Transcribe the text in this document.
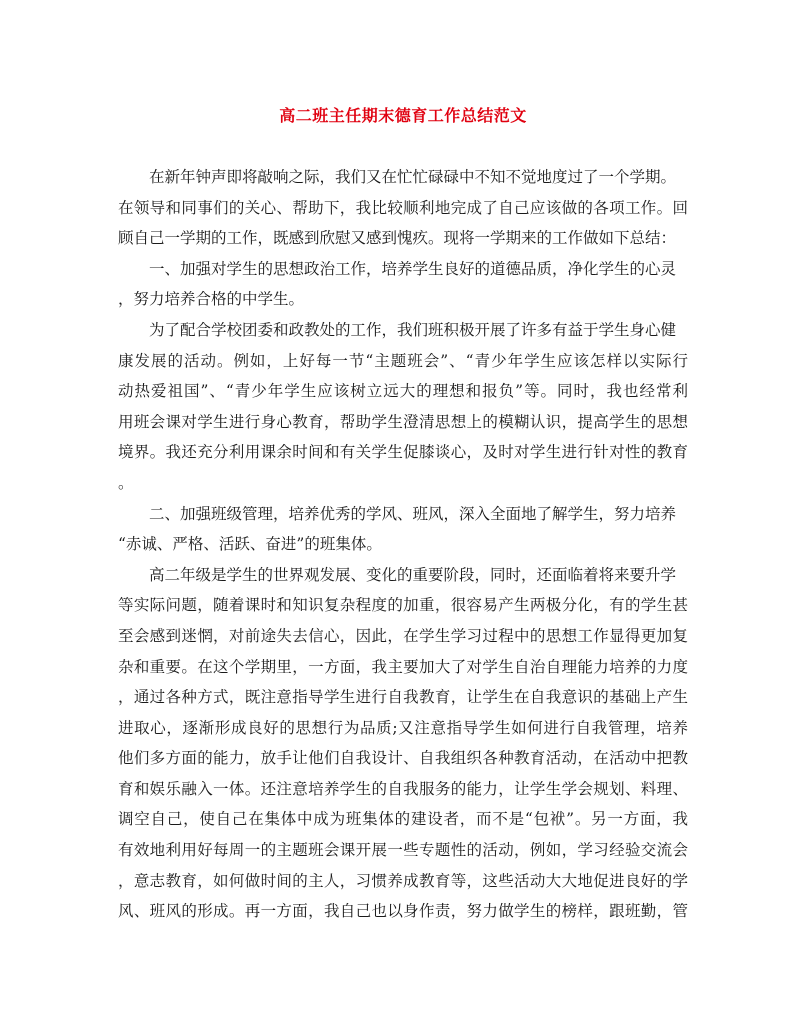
高二班主任期末德育工作总结范文
在新年钟声即将敲响之际，我们又在忙忙碌碌中不知不觉地度过了一个学期。
在领导和同事们的关心、帮助下，我比较顺利地完成了自己应该做的各项工作。回
顾自己一学期的工作，既感到欣慰又感到愧疚。现将一学期来的工作做如下总结：
一、加强对学生的思想政治工作，培养学生良好的道德品质，净化学生的心灵
，努力培养合格的中学生。
为了配合学校团委和政教处的工作，我们班积极开展了许多有益于学生身心健
康发展的活动。例如，上好每一节“主题班会”、“青少年学生应该怎样以实际行
动热爱祖国”、“青少年学生应该树立远大的理想和报负”等。同时，我也经常利
用班会课对学生进行身心教育，帮助学生澄清思想上的模糊认识，提高学生的思想
境界。我还充分利用课余时间和有关学生促膝谈心，及时对学生进行针对性的教育
。
二、加强班级管理，培养优秀的学风、班风，深入全面地了解学生，努力培养
“赤诚、严格、活跃、奋进”的班集体。
高二年级是学生的世界观发展、变化的重要阶段，同时，还面临着将来要升学
等实际问题，随着课时和知识复杂程度的加重，很容易产生两极分化，有的学生甚
至会感到迷惘，对前途失去信心，因此，在学生学习过程中的思想工作显得更加复
杂和重要。在这个学期里，一方面，我主要加大了对学生自治自理能力培养的力度
，通过各种方式，既注意指导学生进行自我教育，让学生在自我意识的基础上产生
进取心，逐渐形成良好的思想行为品质;又注意指导学生如何进行自我管理，培养
他们多方面的能力，放手让他们自我设计、自我组织各种教育活动，在活动中把教
育和娱乐融入一体。还注意培养学生的自我服务的能力，让学生学会规划、料理、
调空自己，使自己在集体中成为班集体的建设者，而不是“包袱”。另一方面，我
有效地利用好每周一的主题班会课开展一些专题性的活动，例如，学习经验交流会
，意志教育，如何做时间的主人，习惯养成教育等，这些活动大大地促进良好的学
风、班风的形成。再一方面，我自己也以身作责，努力做学生的榜样，跟班勤，管
